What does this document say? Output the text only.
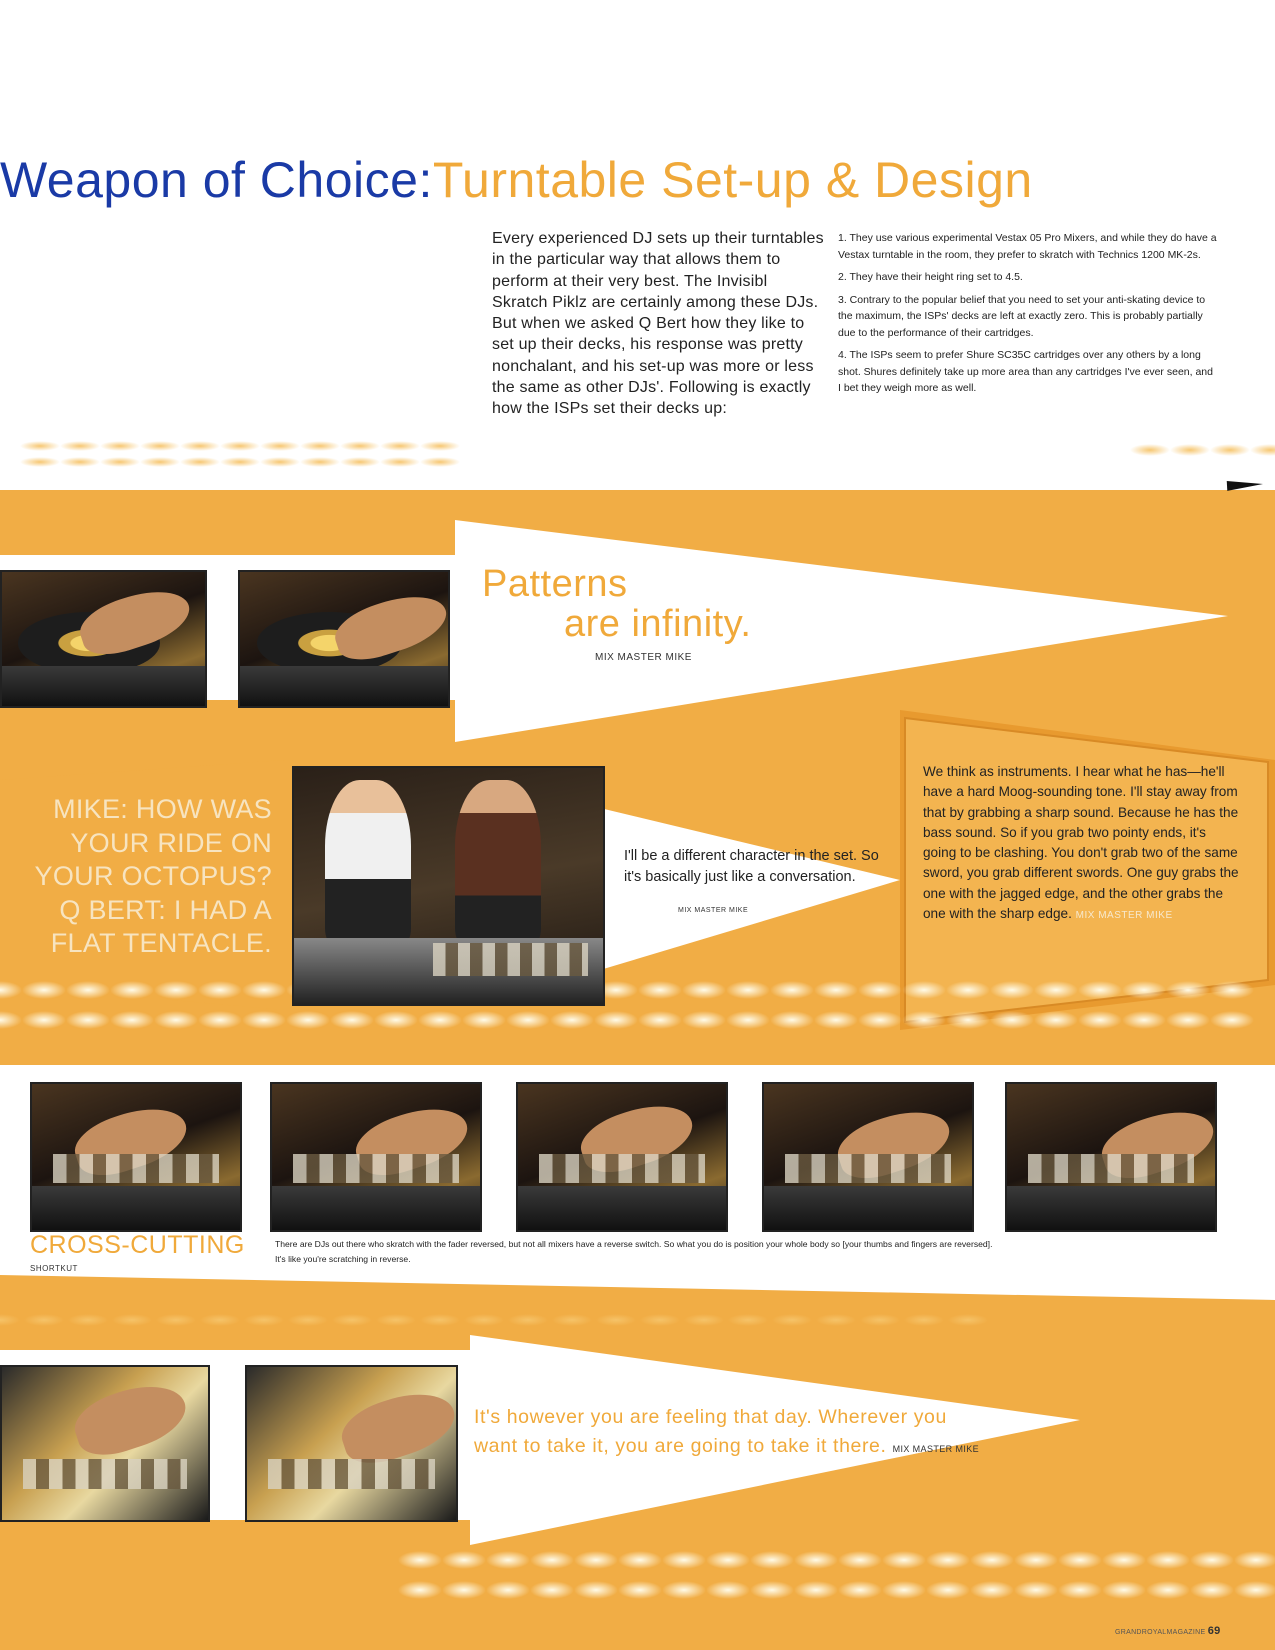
Weapon of Choice:Turntable Set-up & Design
Every experienced DJ sets up their turntables in the particular way that allows them to perform at their very best. The Invisibl Skratch Piklz are certainly among these DJs. But when we asked Q Bert how they like to set up their decks, his response was pretty nonchalant, and his set-up was more or less the same as other DJs'. Following is exactly how the ISPs set their decks up:

1. They use various experimental Vestax 05 Pro Mixers, and while they do have a Vestax turntable in the room, they prefer to skratch with Technics 1200 MK-2s.

2. They have their height ring set to 4.5.

3. Contrary to the popular belief that you need to set your anti-skating device to the maximum, the ISPs' decks are left at exactly zero. This is probably partially due to the performance of their cartridges.

4. The ISPs seem to prefer Shure SC35C cartridges over any others by a long shot. Shures definitely take up more area than any cartridges I've ever seen, and I bet they weigh more as well.

Patterns
are infinity.
MIX MASTER MIKE
MIKE: HOW WAS
YOUR RIDE ON
YOUR OCTOPUS?
Q BERT: I HAD A
FLAT TENTACLE.
I'll be a different character in the set. So it's basically just like a conversation.
MIX MASTER MIKE
We think as instruments. I hear what he has—he'll have a hard Moog-sounding tone. I'll stay away from that by grabbing a sharp sound. Because he has the bass sound. So if you grab two pointy ends, it's going to be clashing. You don't grab two of the same sword, you grab different swords. One guy grabs the one with the jagged edge, and the other grabs the one with the sharp edge. MIX MASTER MIKE
CROSS-CUTTING
SHORTKUT
There are DJs out there who skratch with the fader reversed, but not all mixers have a reverse switch. So what you do is position your whole body so [your thumbs and fingers are reversed]. It's like you're scratching in reverse.
It's however you are feeling that day. Wherever you want to take it, you are going to take it there. MIX MASTER MIKE
GRANDROYALMAGAZINE 69
